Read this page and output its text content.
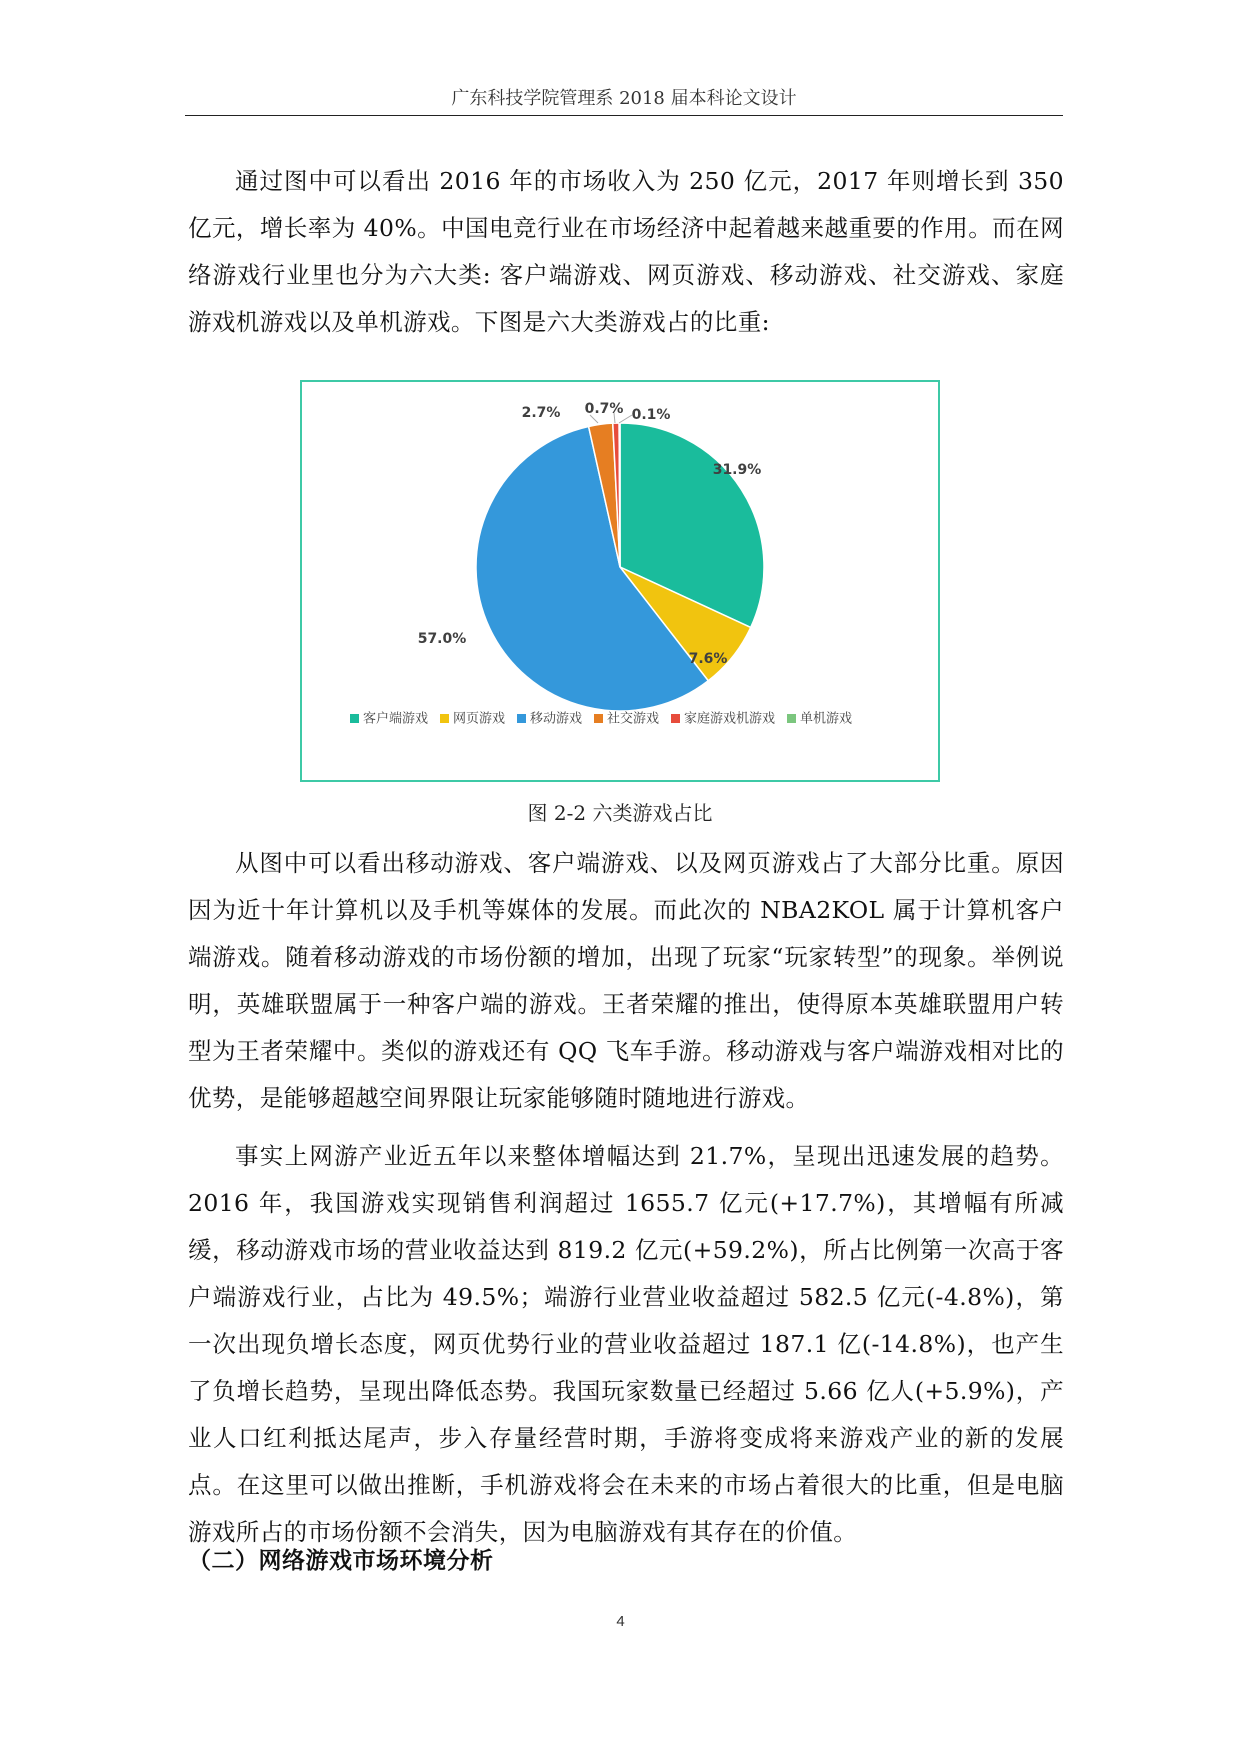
广东科技学院管理系 2018 届本科论文设计

通过图中可以看出 2016 年的市场收入为 250 亿元，2017 年则增长到 350 亿元，增长率为 40%。中国电竞行业在市场经济中起着越来越重要的作用。而在网络游戏行业里也分为六大类: 客户端游戏、网页游戏、移动游戏、社交游戏、家庭游戏机游戏以及单机游戏。下图是六大类游戏占的比重:

31.9%
7.6%
57.0%
2.7% 0.7% 0.1%
客户端游戏 网页游戏 移动游戏 社交游戏 家庭游戏机游戏 单机游戏
图 2-2 六类游戏占比

从图中可以看出移动游戏、客户端游戏、以及网页游戏占了大部分比重。原因因为近十年计算机以及手机等媒体的发展。而此次的 NBA2KOL 属于计算机客户端游戏。随着移动游戏的市场份额的增加，出现了玩家“玩家转型”的现象。举例说明，英雄联盟属于一种客户端的游戏。王者荣耀的推出，使得原本英雄联盟用户转型为王者荣耀中。类似的游戏还有 QQ 飞车手游。移动游戏与客户端游戏相对比的优势，是能够超越空间界限让玩家能够随时随地进行游戏。

事实上网游产业近五年以来整体增幅达到 21.7%，呈现出迅速发展的趋势。2016 年，我国游戏实现销售利润超过 1655.7 亿元(+17.7%)，其增幅有所减缓，移动游戏市场的营业收益达到 819.2 亿元(+59.2%)，所占比例第一次高于客户端游戏行业，占比为 49.5%；端游行业营业收益超过 582.5 亿元(-4.8%)，第一次出现负增长态度，网页优势行业的营业收益超过 187.1 亿(-14.8%)，也产生了负增长趋势，呈现出降低态势。我国玩家数量已经超过 5.66 亿人(+5.9%)，产业人口红利抵达尾声，步入存量经营时期，手游将变成将来游戏产业的新的发展点。在这里可以做出推断，手机游戏将会在未来的市场占着很大的比重，但是电脑游戏所占的市场份额不会消失，因为电脑游戏有其存在的价值。

（二）网络游戏市场环境分析
4
